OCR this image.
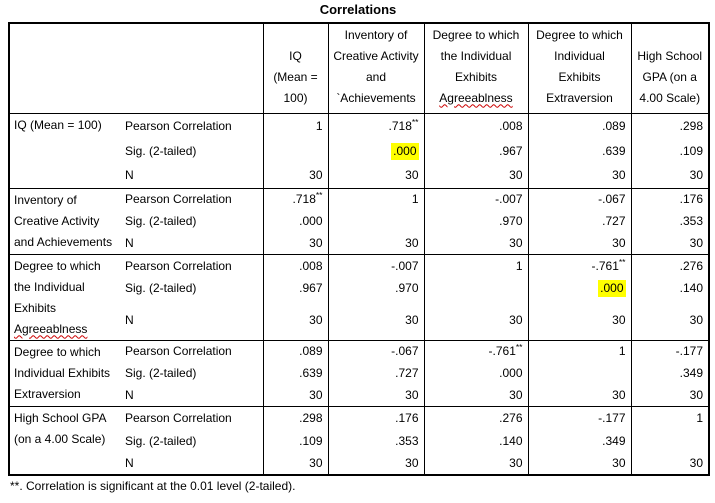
Correlations
		IQ (Mean = 100)	Inventory of Creative Activity and `Achievements	Degree to which the Individual Exhibits Agreeablness	Degree to which Individual Exhibits Extraversion	High School GPA (on a 4.00 Scale)
IQ (Mean = 100)	Pearson Correlation	1	.718**	.008	.089	.298
	Sig. (2-tailed)		.000	.967	.639	.109
	N	30	30	30	30	30
Inventory of Creative Activity and Achievements	Pearson Correlation	.718**	1	-.007	-.067	.176
	Sig. (2-tailed)	.000		.970	.727	.353
	N	30	30	30	30	30
Degree to which the Individual Exhibits Agreeablness	Pearson Correlation	.008	-.007	1	-.761**	.276
	Sig. (2-tailed)	.967	.970		.000	.140
	N	30	30	30	30	30
Degree to which Individual Exhibits Extraversion	Pearson Correlation	.089	-.067	-.761**	1	-.177
	Sig. (2-tailed)	.639	.727	.000		.349
	N	30	30	30	30	30
High School GPA (on a 4.00 Scale)	Pearson Correlation	.298	.176	.276	-.177	1
	Sig. (2-tailed)	.109	.353	.140	.349	
	N	30	30	30	30	30
**. Correlation is significant at the 0.01 level (2-tailed).
